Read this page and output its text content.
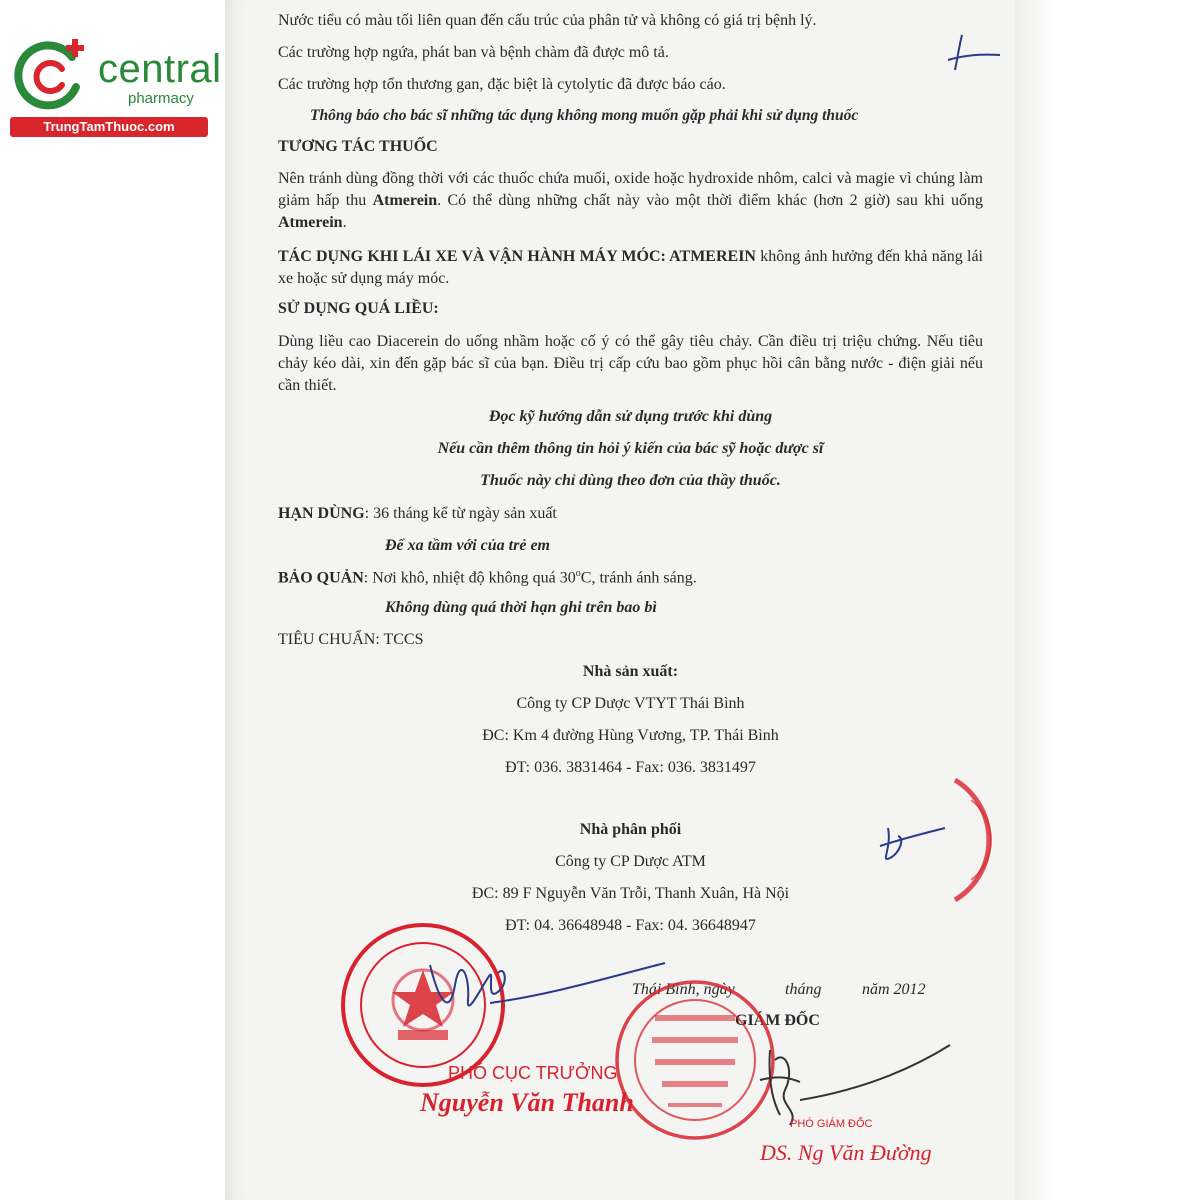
central
pharmacy
TrungTamThuoc.com
Nước tiểu có màu tối liên quan đến cấu trúc của phân tử và không có giá trị bệnh lý.
Các trường hợp ngứa, phát ban và bệnh chàm đã được mô tả.
Các trường hợp tổn thương gan, đặc biệt là cytolytic đã được báo cáo.
Thông báo cho bác sĩ những tác dụng không mong muốn gặp phải khi sử dụng thuốc
TƯƠNG TÁC THUỐC
Nên tránh dùng đồng thời với các thuốc chứa muối, oxide hoặc hydroxide nhôm, calci và magie vì chúng làm giảm hấp thu Atmerein. Có thể dùng những chất này vào một thời điểm khác (hơn 2 giờ) sau khi uống Atmerein.
TÁC DỤNG KHI LÁI XE VÀ VẬN HÀNH MÁY MÓC: ATMEREIN không ảnh hưởng đến khả năng lái xe hoặc sử dụng máy móc.
SỬ DỤNG QUÁ LIỀU:
Dùng liều cao Diacerein do uống nhầm hoặc cố ý có thể gây tiêu chảy. Cần điều trị triệu chứng. Nếu tiêu chảy kéo dài, xin đến gặp bác sĩ của bạn. Điều trị cấp cứu bao gồm phục hồi cân bằng nước - điện giải nếu cần thiết.
Đọc kỹ hướng dẫn sử dụng trước khi dùng
Nếu cần thêm thông tin hỏi ý kiến của bác sỹ hoặc dược sĩ
Thuốc này chỉ dùng theo đơn của thầy thuốc.
HẠN DÙNG: 36 tháng kể từ ngày sản xuất
Để xa tầm với của trẻ em
BẢO QUẢN: Nơi khô, nhiệt độ không quá 30$^o$C, tránh ánh sáng.
Không dùng quá thời hạn ghi trên bao bì
TIÊU CHUẨN: TCCS
Nhà sản xuất:
Công ty CP Dược VTYT Thái Bình
ĐC: Km 4 đường Hùng Vương, TP. Thái Bình
ĐT: 036. 3831464 - Fax: 036. 3831497
Nhà phân phối
Công ty CP Dược ATM
ĐC: 89 F Nguyễn Văn Trỗi, Thanh Xuân, Hà Nội
ĐT: 04. 36648948 - Fax: 04. 36648947
Thái Bình, ngày	tháng	năm 2012
GIÁM ĐỐC
PHÓ CỤC TRƯỞNG
Nguyễn Văn Thanh
PHÓ GIÁM ĐỐC
DS. Ng Văn Đường
